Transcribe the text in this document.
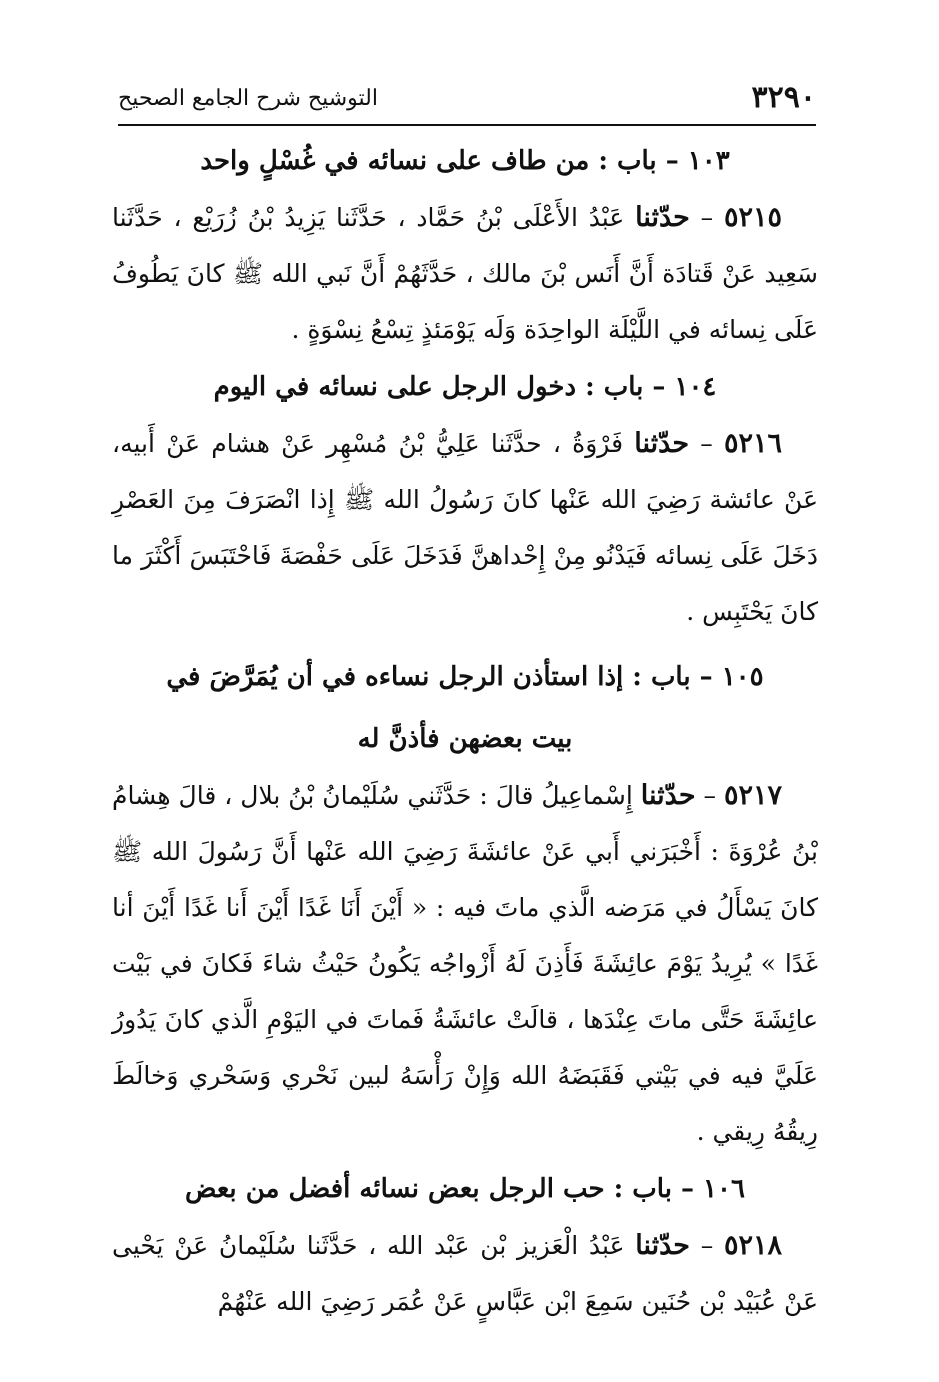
٣٢٩٠
التوشيح شرح الجامع الصحيح

١٠٣ – باب : من طاف على نسائه في غُسْلٍ واحد

٥٢١٥ – حدّثنا عَبْدُ الأَعْلَى بْنُ حَمَّاد ، حَدَّثَنا يَزِيدُ بْنُ زُرَيْع ، حَدَّثَنا سَعِيد عَنْ قَتادَة أَنَّ أَنَس بْنَ مالك ، حَدَّثَهُمْ أَنَّ نَبي الله ﷺ كانَ يَطُوفُ عَلَى نِسائه في اللَّيْلَة الواحِدَة وَلَه يَوْمَئذٍ تِسْعُ نِسْوَةٍ .

١٠٤ – باب : دخول الرجل على نسائه في اليوم

٥٢١٦ – حدّثنا فَرْوَةُ ، حدَّثَنا عَلِيُّ بْنُ مُسْهِر عَنْ هشام عَنْ أَبيه، عَنْ عائشة رَضِيَ الله عَنْها كانَ رَسُولُ الله ﷺ إِذا انْصَرَفَ مِنَ العَصْرِ دَخَلَ عَلَى نِسائه فَيَدْنُو مِنْ إِحْداهنَّ فَدَخَلَ عَلَى حَفْصَةَ فَاحْتَبَسَ أَكْثَرَ ما كانَ يَحْتَبِس .

١٠٥ – باب : إذا استأذن الرجل نساءه في أن يُمَرَّضَ في
بيت بعضهن فأذنَّ له

٥٢١٧ – حدّثنا إِسْماعِيلُ قالَ : حَدَّثَني سُلَيْمانُ بْنُ بلال ، قالَ هِشامُ بْنُ عُرْوَةَ : أَخْبَرَني أَبي عَنْ عائشَةَ رَضِيَ الله عَنْها أَنَّ رَسُولَ الله ﷺ كانَ يَسْأَلُ في مَرَضه الَّذي ماتَ فيه : « أَيْنَ أَنَا غَدًا أَيْنَ أَنا غَدًا أَيْنَ أنا غَدًا » يُرِيدُ يَوْمَ عائِشَةَ فَأَذِنَ لَهُ أَزْواجُه يَكُونُ حَيْثُ شاءَ فَكانَ في بَيْت عائِشَةَ حَتَّى ماتَ عِنْدَها ، قالَتْ عائشَةُ فَماتَ في اليَوْمِ الَّذي كانَ يَدُورُ عَلَيَّ فيه في بَيْتي فَقَبَضَهُ الله وَإِنْ رَأْسَهُ لبين نَحْري وَسَحْري وَخالَطَ رِيقُهُ رِيقي .

١٠٦ – باب : حب الرجل بعض نسائه أفضل من بعض

٥٢١٨ – حدّثنا عَبْدُ الْعَزيز بْن عَبْد الله ، حَدَّثَنا سُلَيْمانُ عَنْ يَحْيى عَنْ عُبَيْد بْن حُنَين سَمِعَ ابْن عَبَّاسٍ عَنْ عُمَر رَضِيَ الله عَنْهُمْ
